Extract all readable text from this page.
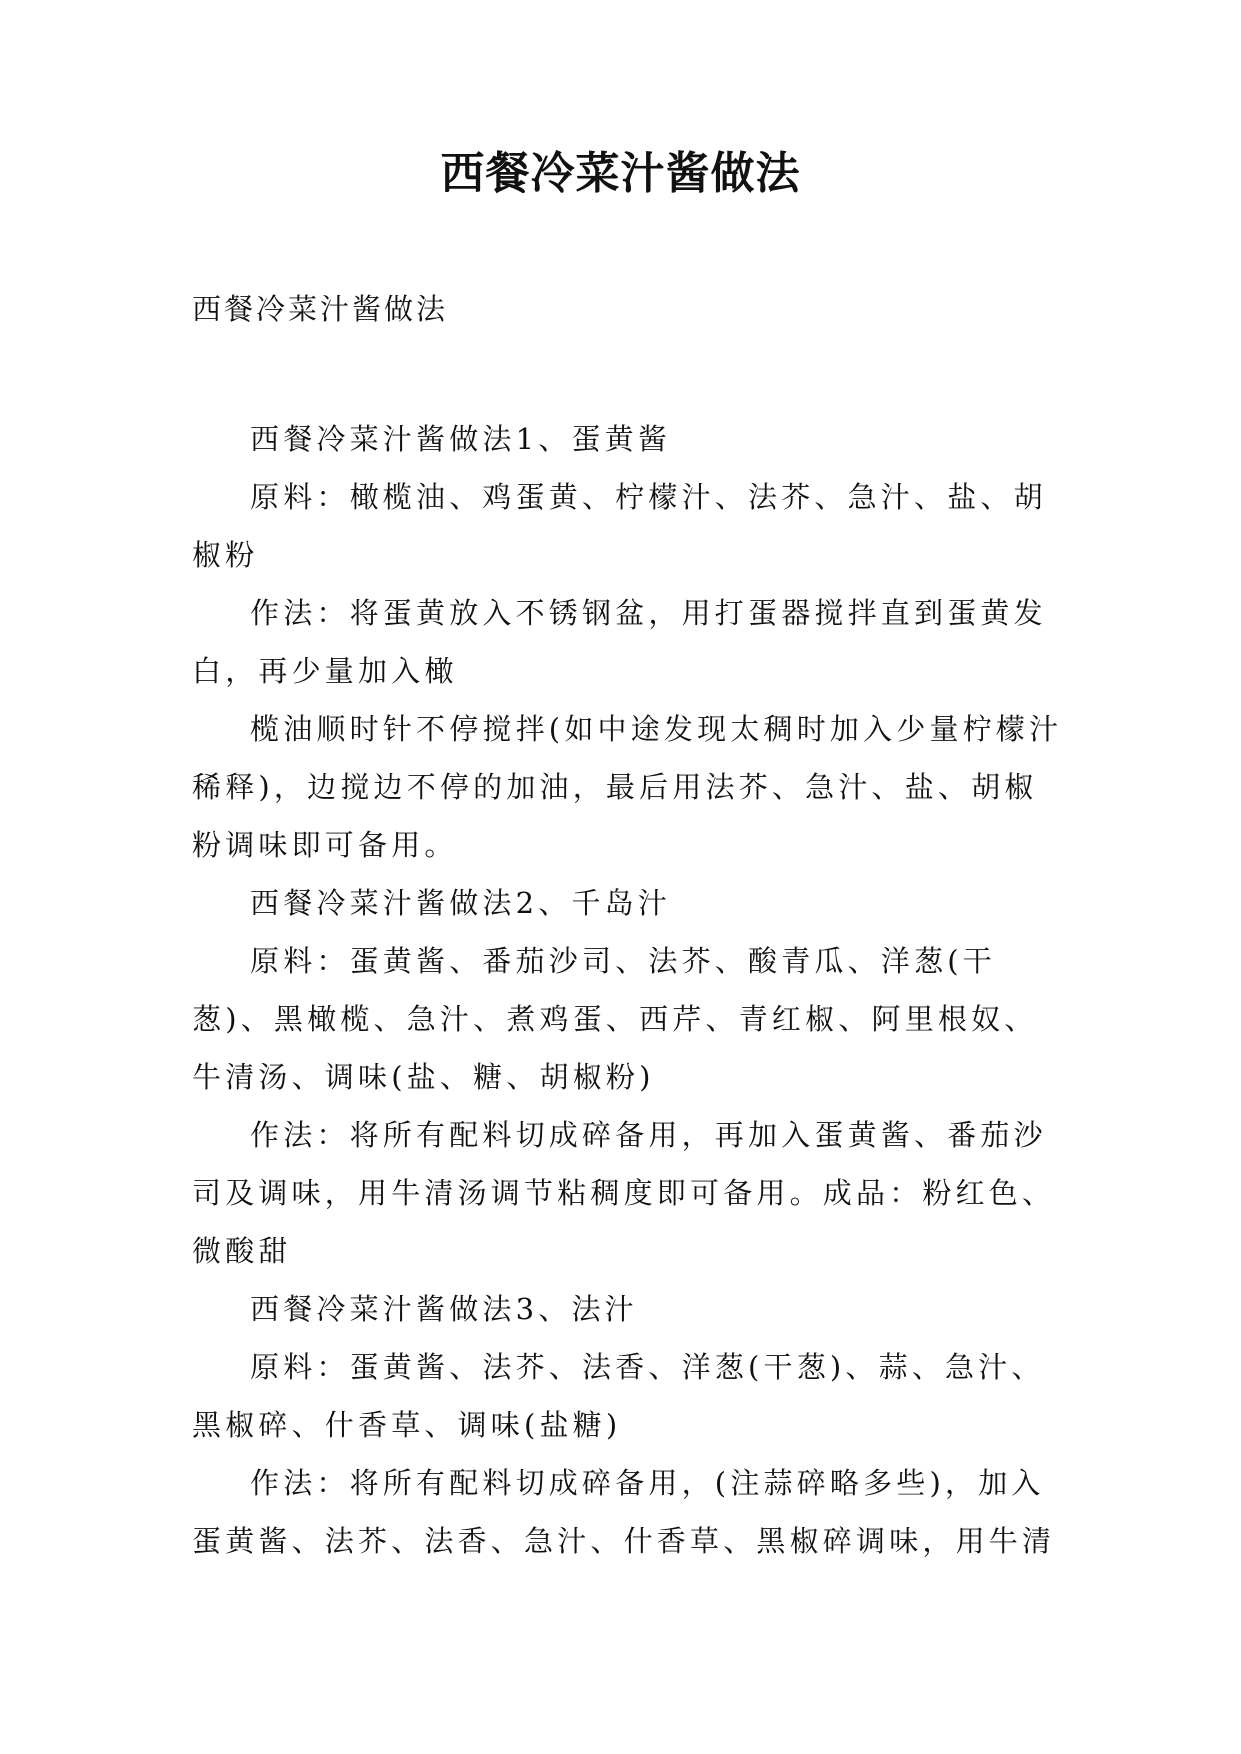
西餐冷菜汁酱做法
西餐冷菜汁酱做法

西餐冷菜汁酱做法1、蛋黄酱

原料：橄榄油、鸡蛋黄、柠檬汁、法芥、急汁、盐、胡椒粉

作法：将蛋黄放入不锈钢盆，用打蛋器搅拌直到蛋黄发白，再少量加入橄

榄油顺时针不停搅拌(如中途发现太稠时加入少量柠檬汁稀释)，边搅边不停的加油，最后用法芥、急汁、盐、胡椒粉调味即可备用。

西餐冷菜汁酱做法2、千岛汁

原料：蛋黄酱、番茄沙司、法芥、酸青瓜、洋葱(干葱)、黑橄榄、急汁、煮鸡蛋、西芹、青红椒、阿里根奴、牛清汤、调味(盐、糖、胡椒粉)

作法：将所有配料切成碎备用，再加入蛋黄酱、番茄沙司及调味，用牛清汤调节粘稠度即可备用。成品：粉红色、微酸甜

西餐冷菜汁酱做法3、法汁

原料：蛋黄酱、法芥、法香、洋葱(干葱)、蒜、急汁、黑椒碎、什香草、调味(盐糖)

作法：将所有配料切成碎备用，(注蒜碎略多些)，加入蛋黄酱、法芥、法香、急汁、什香草、黑椒碎调味，用牛清
